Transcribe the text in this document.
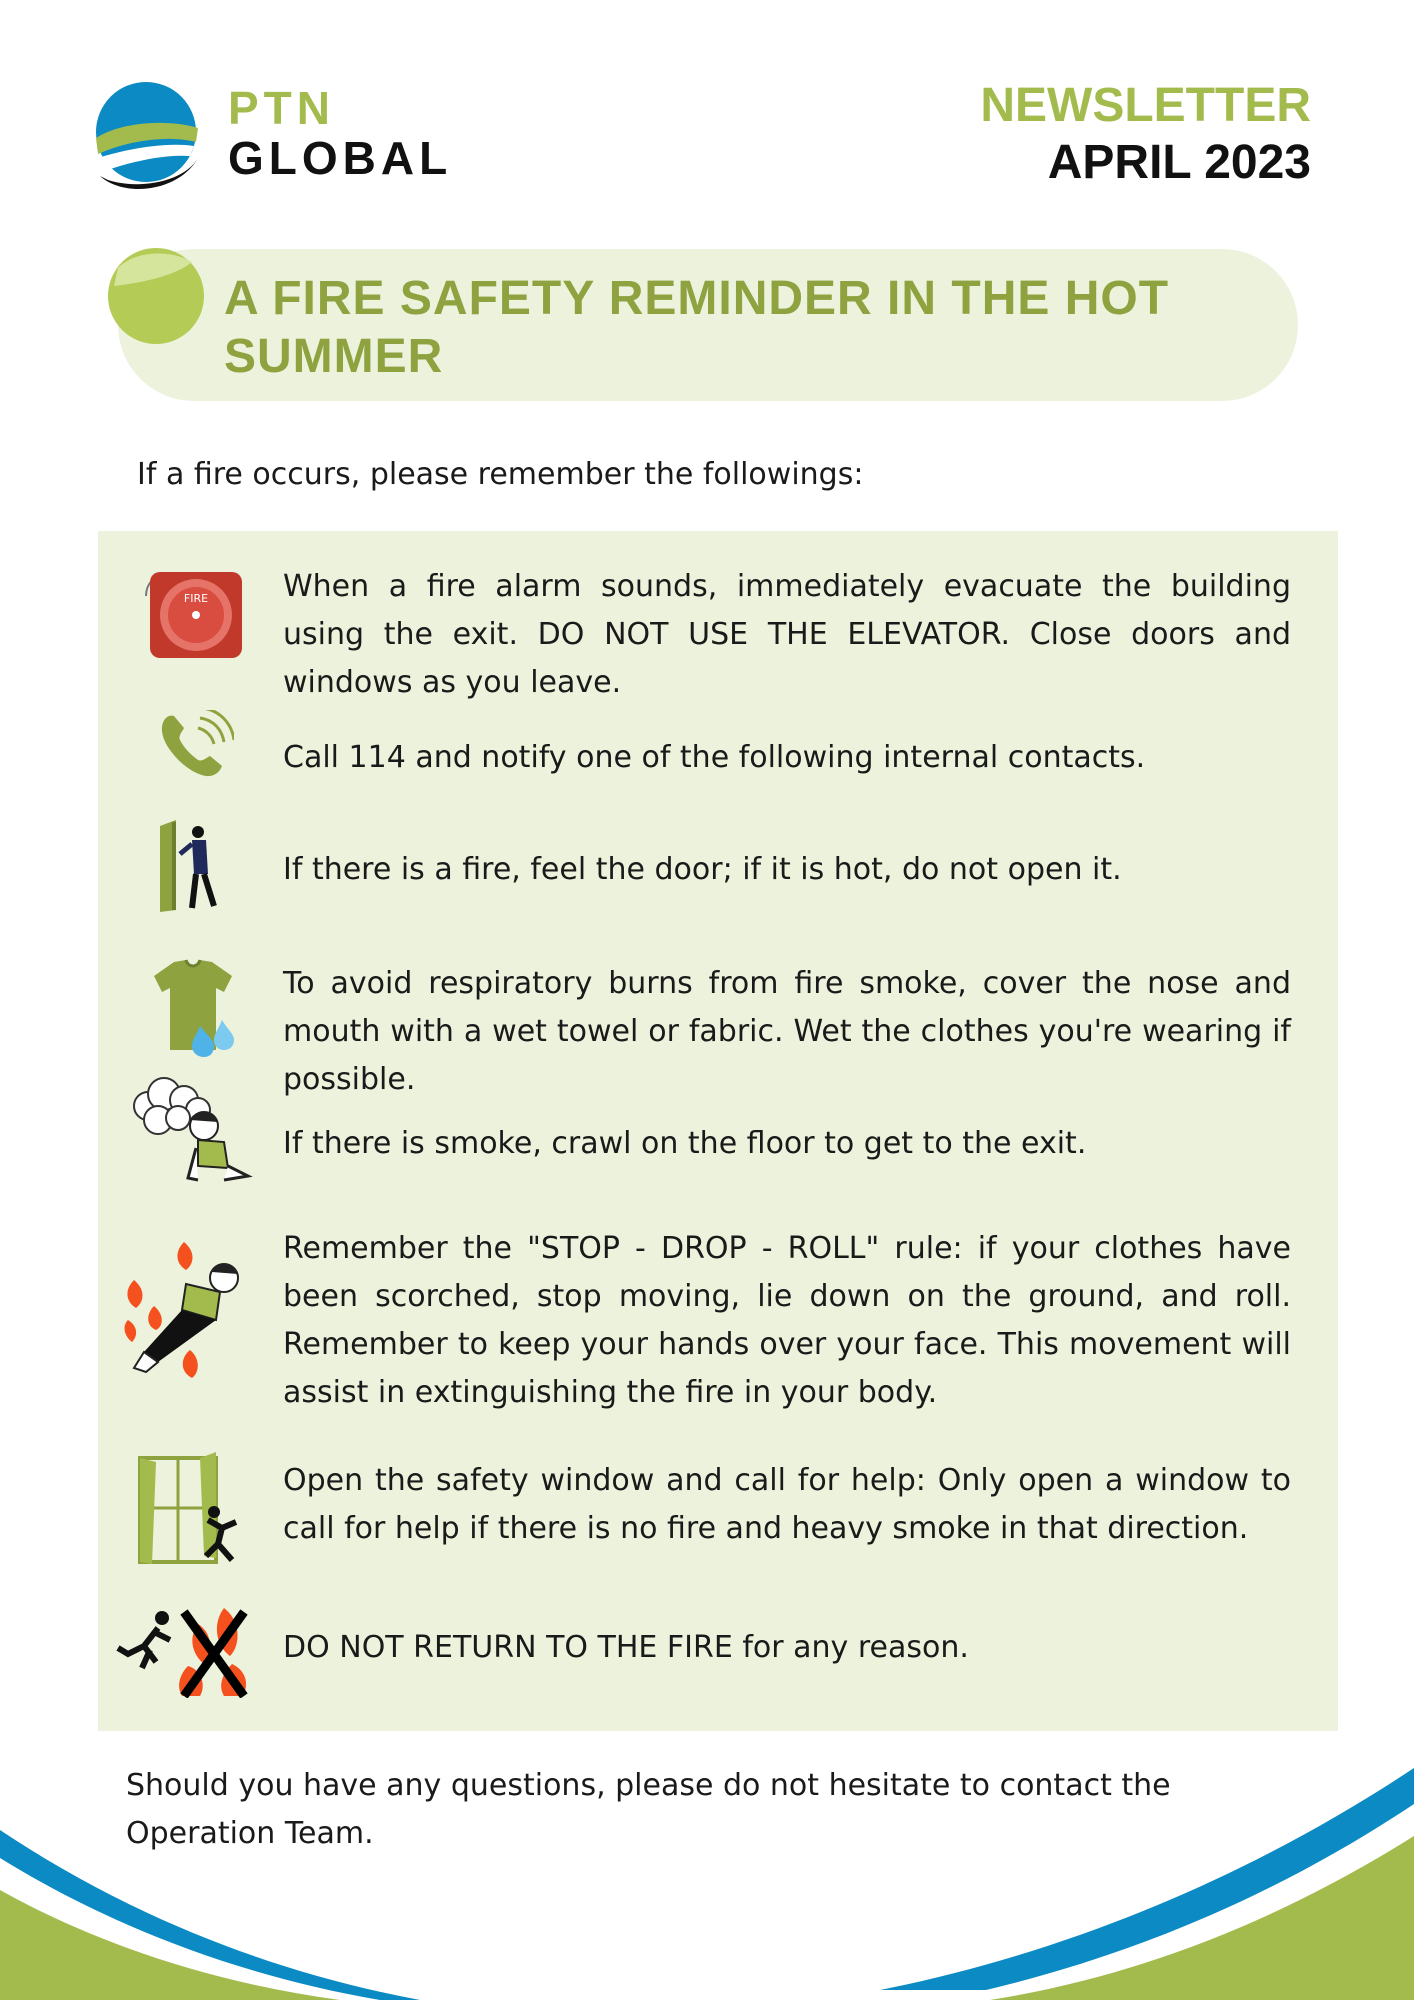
PTN
GLOBAL
NEWSLETTER
APRIL 2023
A FIRE SAFETY REMINDER IN THE HOT SUMMER
If a fire occurs, please remember the followings:
FIRE When a fire alarm sounds, immediately evacuate the building using the exit. DO NOT USE THE ELEVATOR. Close doors and windows as you leave.
Call 114 and notify one of the following internal contacts.
If there is a fire, feel the door; if it is hot, do not open it.
To avoid respiratory burns from fire smoke, cover the nose and mouth with a wet towel or fabric. Wet the clothes you're wearing if possible.
If there is smoke, crawl on the floor to get to the exit.
Remember the "STOP - DROP - ROLL" rule: if your clothes have been scorched, stop moving, lie down on the ground, and roll. Remember to keep your hands over your face. This movement will assist in extinguishing the fire in your body.
Open the safety window and call for help: Only open a window to call for help if there is no fire and heavy smoke in that direction.
DO NOT RETURN TO THE FIRE for any reason.
Should you have any questions, please do not hesitate to contact the Operation Team.
